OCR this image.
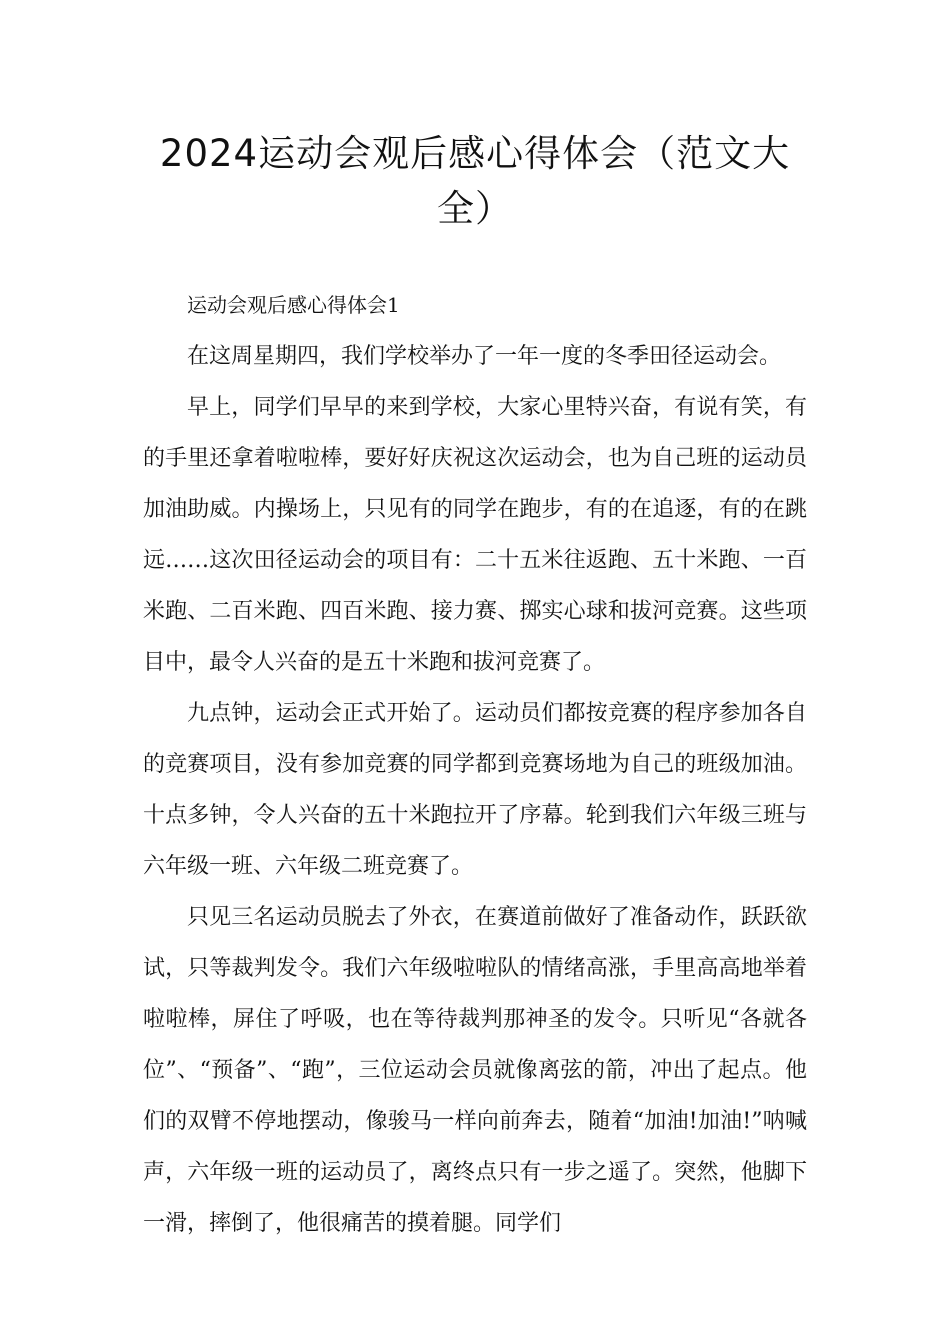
2024运动会观后感心得体会（范文大全）

运动会观后感心得体会1

在这周星期四，我们学校举办了一年一度的冬季田径运动会。

早上，同学们早早的来到学校，大家心里特兴奋，有说有笑，有的手里还拿着啦啦棒，要好好庆祝这次运动会，也为自己班的运动员加油助威。内操场上，只见有的同学在跑步，有的在追逐，有的在跳远……这次田径运动会的项目有：二十五米往返跑、五十米跑、一百米跑、二百米跑、四百米跑、接力赛、掷实心球和拔河竞赛。这些项目中，最令人兴奋的是五十米跑和拔河竞赛了。

九点钟，运动会正式开始了。运动员们都按竞赛的程序参加各自的竞赛项目，没有参加竞赛的同学都到竞赛场地为自己的班级加油。十点多钟，令人兴奋的五十米跑拉开了序幕。轮到我们六年级三班与六年级一班、六年级二班竞赛了。

只见三名运动员脱去了外衣，在赛道前做好了准备动作，跃跃欲试，只等裁判发令。我们六年级啦啦队的情绪高涨，手里高高地举着啦啦棒，屏住了呼吸，也在等待裁判那神圣的发令。只听见“各就各位”、“预备”、“跑”，三位运动会员就像离弦的箭，冲出了起点。他们的双臂不停地摆动，像骏马一样向前奔去，随着“加油!加油!”呐喊声，六年级一班的运动员了，离终点只有一步之遥了。突然，他脚下一滑，摔倒了，他很痛苦的摸着腿。同学们
